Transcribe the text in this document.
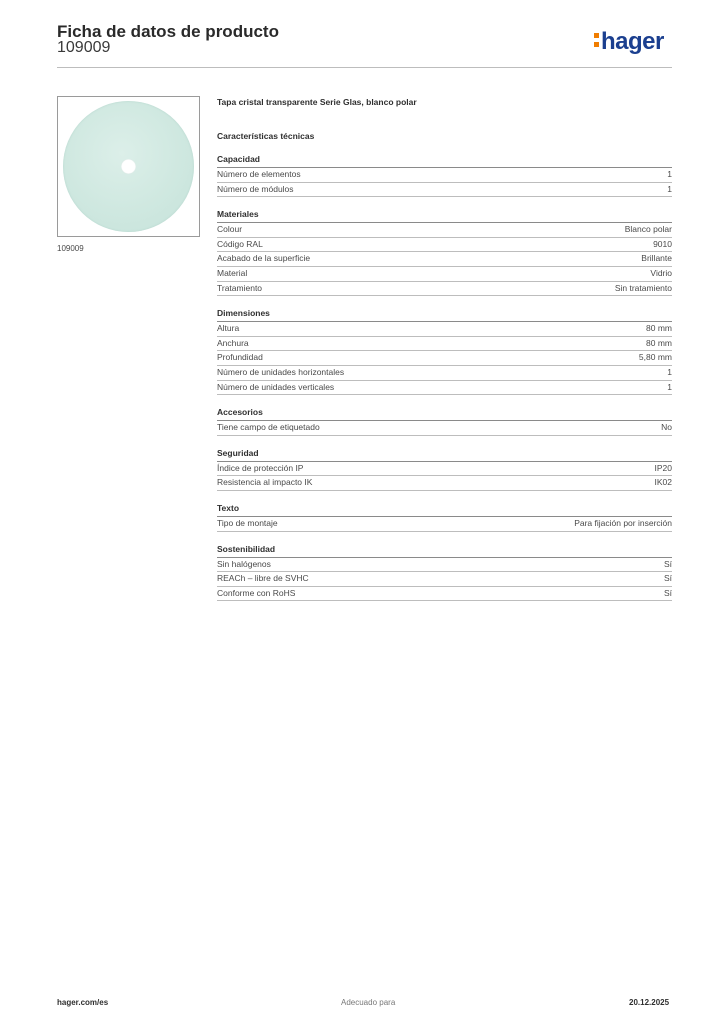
Ficha de datos de producto
109009	hager
109009
Tapa cristal transparente Serie Glas, blanco polar
Características técnicas
Capacidad
Número de elementos	1
Número de módulos	1
Materiales
Colour	Blanco polar
Código RAL	9010
Acabado de la superficie	Brillante
Material	Vidrio
Tratamiento	Sin tratamiento
Dimensiones
Altura	80 mm
Anchura	80 mm
Profundidad	5,80 mm
Número de unidades horizontales	1
Número de unidades verticales	1
Accesorios
Tiene campo de etiquetado	No
Seguridad
Índice de protección IP	IP20
Resistencia al impacto IK	IK02
Texto
Tipo de montaje	Para fijación por inserción
Sostenibilidad
Sin halógenos	Sí
REACh – libre de SVHC	Sí
Conforme con RoHS	Sí
hager.com/es	Adecuado para	20.12.2025
